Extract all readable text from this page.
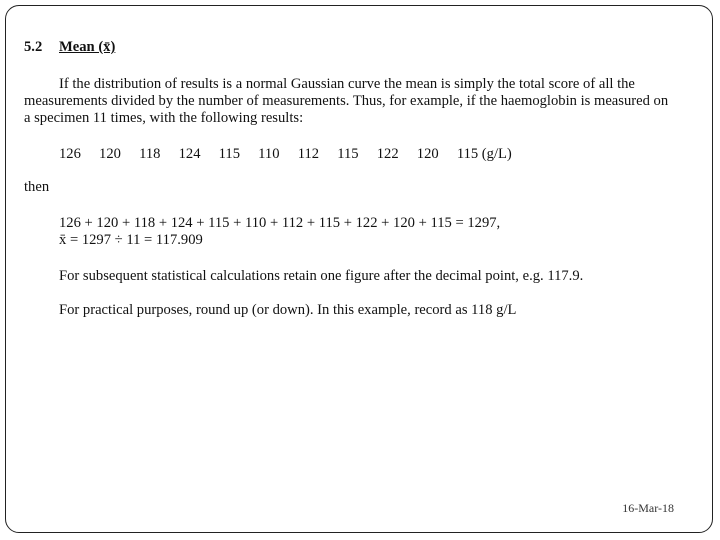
5.2 Mean (x̄)
If the distribution of results is a normal Gaussian curve the mean is simply the total score of all the
measurements divided by the number of measurements. Thus, for example, if the haemoglobin is measured on
a specimen 11 times, with the following results:
126 120 118 124 115 110 112 115 122 120 115 (g/L)
then
126 + 120 + 118 + 124 + 115 + 110 + 112 + 115 + 122 + 120 + 115 = 1297,
x̄ = 1297 ÷ 11 = 117.909
For subsequent statistical calculations retain one figure after the decimal point, e.g. 117.9.
For practical purposes, round up (or down). In this example, record as 118 g/L
16-Mar-18
